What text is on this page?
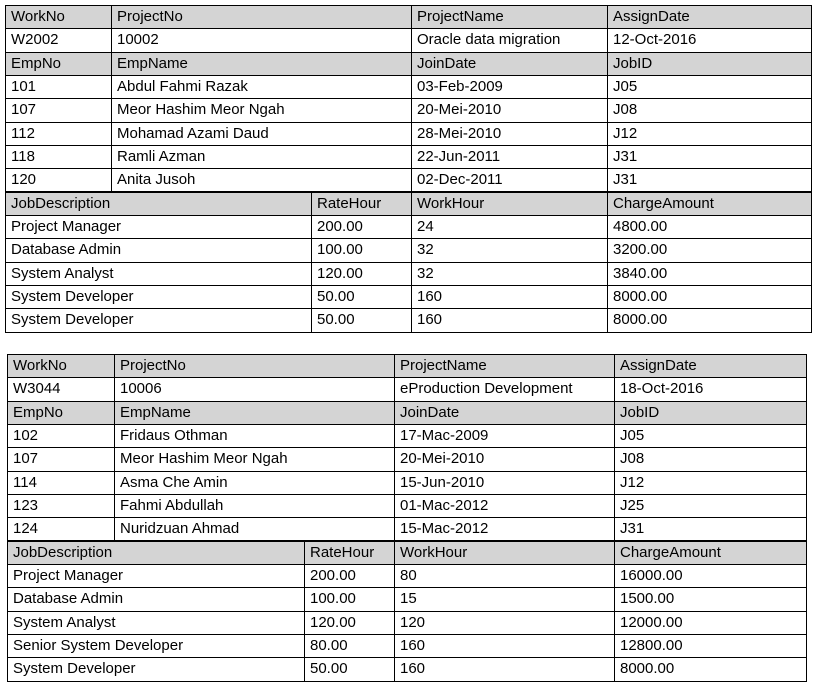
WorkNo	ProjectNo	ProjectName	AssignDate
W2002	10002	Oracle data migration	12-Oct-2016
EmpNo	EmpName	JoinDate	JobID
101	Abdul Fahmi Razak	03-Feb-2009	J05
107	Meor Hashim Meor Ngah	20-Mei-2010	J08
112	Mohamad Azami Daud	28-Mei-2010	J12
118	Ramli Azman	22-Jun-2011	J31
120	Anita Jusoh	02-Dec-2011	J31
JobDescription	RateHour	WorkHour	ChargeAmount
Project Manager	200.00	24	4800.00
Database Admin	100.00	32	3200.00
System Analyst	120.00	32	3840.00
System Developer	50.00	160	8000.00
System Developer	50.00	160	8000.00
WorkNo	ProjectNo	ProjectName	AssignDate
W3044	10006	eProduction Development	18-Oct-2016
EmpNo	EmpName	JoinDate	JobID
102	Fridaus Othman	17-Mac-2009	J05
107	Meor Hashim Meor Ngah	20-Mei-2010	J08
114	Asma Che Amin	15-Jun-2010	J12
123	Fahmi Abdullah	01-Mac-2012	J25
124	Nuridzuan Ahmad	15-Mac-2012	J31
JobDescription	RateHour	WorkHour	ChargeAmount
Project Manager	200.00	80	16000.00
Database Admin	100.00	15	1500.00
System Analyst	120.00	120	12000.00
Senior System Developer	80.00	160	12800.00
System Developer	50.00	160	8000.00
